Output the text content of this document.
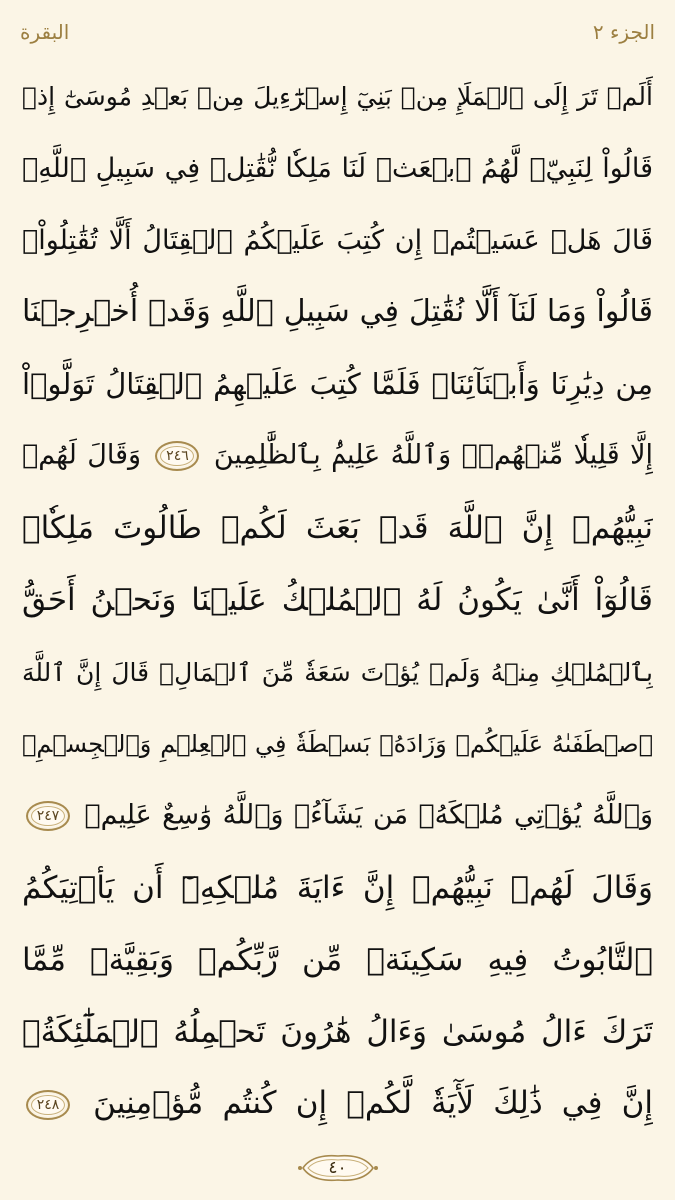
البقرة	الجزء ٢
أَلَمۡ تَرَ إِلَى ٱلۡمَلَإِ مِنۢ بَنِيٓ إِسۡرَٰٓءِيلَ مِنۢ بَعۡدِ مُوسَىٰٓ إِذۡ
قَالُواْ لِنَبِيّٖ لَّهُمُ ٱبۡعَثۡ لَنَا مَلِكٗا نُّقَٰتِلۡ فِي سَبِيلِ ٱللَّهِۖ
قَالَ هَلۡ عَسَيۡتُمۡ إِن كُتِبَ عَلَيۡكُمُ ٱلۡقِتَالُ أَلَّا تُقَٰتِلُواْۖ
قَالُواْ وَمَا لَنَآ أَلَّا نُقَٰتِلَ فِي سَبِيلِ ٱللَّهِ وَقَدۡ أُخۡرِجۡنَا
مِن دِيَٰرِنَا وَأَبۡنَآئِنَاۖ فَلَمَّا كُتِبَ عَلَيۡهِمُ ٱلۡقِتَالُ تَوَلَّوۡاْ
إِلَّا قَلِيلٗا مِّنۡهُمۡۚ وَٱللَّهُ عَلِيمُۢ بِٱلظَّٰلِمِينَ
٢٤٦
وَقَالَ لَهُمۡ
نَبِيُّهُمۡ إِنَّ ٱللَّهَ قَدۡ بَعَثَ لَكُمۡ طَالُوتَ مَلِكٗاۚ
قَالُوٓاْ أَنَّىٰ يَكُونُ لَهُ ٱلۡمُلۡكُ عَلَيۡنَا وَنَحۡنُ أَحَقُّ
بِٱلۡمُلۡكِ مِنۡهُ وَلَمۡ يُؤۡتَ سَعَةٗ مِّنَ ٱلۡمَالِۚ قَالَ إِنَّ ٱللَّهَ
ٱصۡطَفَىٰهُ عَلَيۡكُمۡ وَزَادَهُۥ بَسۡطَةٗ فِي ٱلۡعِلۡمِ وَٱلۡجِسۡمِۖ
وَٱللَّهُ يُؤۡتِي مُلۡكَهُۥ مَن يَشَآءُۚ وَٱللَّهُ وَٰسِعٌ عَلِيمٞ
٢٤٧
وَقَالَ لَهُمۡ نَبِيُّهُمۡ إِنَّ ءَايَةَ مُلۡكِهِۦٓ أَن يَأۡتِيَكُمُ
ٱلتَّابُوتُ فِيهِ سَكِينَةٞ مِّن رَّبِّكُمۡ وَبَقِيَّةٞ مِّمَّا
تَرَكَ ءَالُ مُوسَىٰ وَءَالُ هَٰرُونَ تَحۡمِلُهُ ٱلۡمَلَٰٓئِكَةُۚ
إِنَّ فِي ذَٰلِكَ لَأٓيَةٗ لَّكُمۡ إِن كُنتُم مُّؤۡمِنِينَ
٢٤٨
٤٠
